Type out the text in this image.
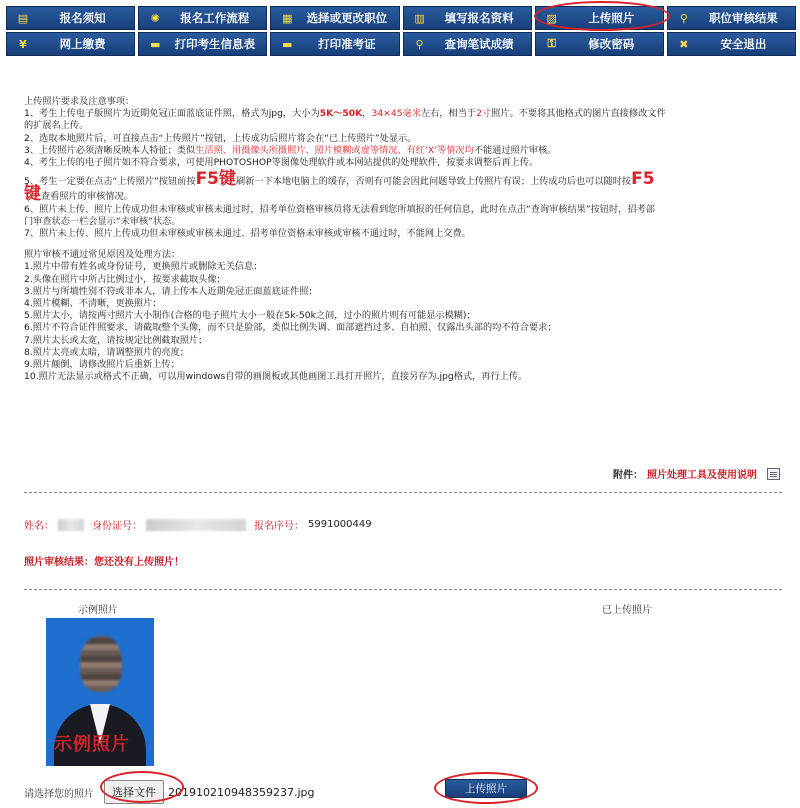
▤	报名须知	✺	报名工作流程	▦ 选择或更改职位	▥	填写报名资料	▨	上传照片	⚲	职位审核结果
¥	网上缴费	▬ 打印考生信息表	▬	打印准考证	⚲	查询笔试成绩	⚿	修改密码	✖	安全退出

上传照片要求及注意事项：

1、考生上传电子版照片为近期免冠正面蓝底证件照，格式为jpg，大小为5K～50K，34×45毫米左右，相当于2寸照片。不要将其他格式的图片直接修改文件

的扩展名上传。

2、选取本地照片后，可直接点击“上传照片”按钮，上传成功后照片将会在“已上传照片”处显示。

3、上传照片必须清晰反映本人特征；类似生活照、用摄像头所摄照片、照片模糊或虚等情况、有红‘X’等情况均不能通过照片审核。

4、考生上传的电子照片如不符合要求，可使用PHOTOSHOP等图像处理软件或本网站提供的处理软件，按要求调整后再上传。

5、考生一定要在点击“上传照片”按钮前按F5键刷新一下本地电脑上的缓存，否则有可能会因此问题导致上传照片有误；上传成功后也可以随时按F5

键查看照片的审核情况。

6、照片未上传、照片上传成功但未审核或审核未通过时，招考单位资格审核员将无法看到您所填报的任何信息，此时在点击“查询审核结果”按钮时，招考部

门审查状态一栏会显示“未审核”状态。

7、照片未上传、照片上传成功但未审核或审核未通过、招考单位资格未审核或审核不通过时，不能网上交费。

照片审核不通过常见原因及处理方法：

1.照片中带有姓名或身份证号，更换照片或删除无关信息；

2.头像在照片中所占比例过小，按要求截取头像；

3.照片与所填性别不符或非本人，请上传本人近期免冠正面蓝底证件照；

4.照片模糊、不清晰，更换照片；

5.照片太小，请按两寸照片大小制作(合格的电子照片大小一般在5k-50k之间，过小的照片则有可能显示模糊)；

6.照片不符合证件照要求，请截取整个头像，而不只是脸部，类似比例失调、面部遮挡过多、自拍照、仅露出头部的均不符合要求；

7.照片太长或太宽，请按规定比例截取照片；

8.照片太亮或太暗，请调整照片的亮度；

9.照片颠倒，请修改照片后重新上传；

10.照片无法显示或格式不正确，可以用windows自带的画图板或其他画图工具打开照片，直接另存为.jpg格式，再行上传。

附件： 照片处理工具及使用说明
姓名：	身份证号：	报名序号： 5991000449
照片审核结果：您还没有上传照片！
示例照片	已上传照片
示例照片
请选择您的照片	选择文件	201910210948359237.jpg	上传照片
